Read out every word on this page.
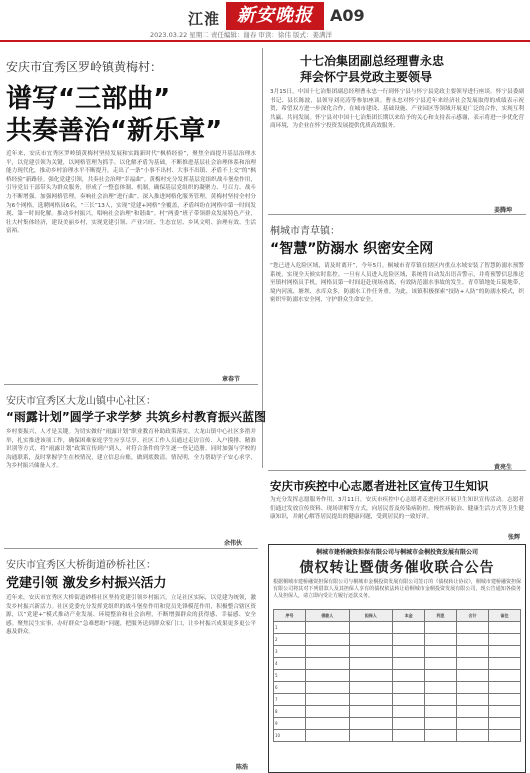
江淮 新安晚报	A09
2023.03.22 星期二 责任编辑：谢春 审读：徐伟 版式：姜满洋
安庆市宜秀区罗岭镇黄梅村：
谱写“三部曲”
共奏善治“新乐章”
近年来，安庆市宜秀区罗岭镇黄梅村坚持发展和实践新时代“枫桥经验”，聚焦全面提升基层治理水平，以党建引领为关键，以网格管理为抓手，以化解矛盾为基础，不断推进基层社会治理体系和治理能力现代化，推动乡村治理水平不断提升，走出了一条“小事不出村、大事不出镇、矛盾不上交”的“枫桥经验”新路径。强化党建引领，共奏社会治理“幸福曲”。黄梅村充分发挥基层党组织战斗堡垒作用，引导党员干部带头为群众服务，形成了一整套体制、机制，确保基层党组织的凝聚力、号召力、战斗力不断增强。加强网格管理，奏响社会治理“进行曲”。深入推进网格化服务管理，黄梅村坚持全村分为6个网格，选聘网格员6名，“三长”13人，实现“党建+网格”全覆盖，矛盾纠纷在网格中第一时间发现、第一时间化解。推动乡村振兴，唱响社会治理“和谐曲”。村“两委”班子带领群众发展特色产业，壮大村集体经济，建设美丽乡村，实现党建引领、产业兴旺、生态宜居、乡风文明、治理有效、生活富裕。
章春节
安庆市宜秀区大龙山镇中心社区：
“雨露计划”圆学子求学梦 共筑乡村教育振兴蓝图
乡村要振兴，人才是关键。为切实做好“雨露计划”职业教育补助政策落实，大龙山镇中心社区多措并举，扎实推进该项工作，确保困难家庭学生应享尽享。社区工作人员通过走访宣传、入户摸排、精准识别等方式，将“雨露计划”政策宣传到户到人，对符合条件的学生逐一登记造册。同时加强与学校的沟通联系，及时掌握学生在校情况，建立信息台账，做到底数清、情况明，全力帮助学子安心求学，为乡村振兴储备人才。
余伟伙
安庆市宜秀区大桥街道砂桥社区：
党建引领 激发乡村振兴活力
近年来，安庆市宜秀区大桥街道砂桥社区坚持党建引领乡村振兴，立足社区实际，以党建为统领，激发乡村振兴新活力。社区党委充分发挥党组织的战斗堡垒作用和党员先锋模范作用，积极整合辖区资源，以“党建+”模式推动产业发展、环境整治和社会治理，不断增强群众的获得感、幸福感、安全感。聚焦民生实事，办好群众“急难愁盼”问题，把服务送到群众家门口，让乡村振兴成果更多更公平惠及群众。
陈浩
十七冶集团副总经理曹永忠
拜会怀宁县党政主要领导
3月15日，中国十七冶集团副总经理曹永忠一行到怀宁县与怀宁县党政主要领导进行座谈。怀宁县委副书记、县长陈波，县领导刘亮涛等参加座谈。曹永忠对怀宁县近年来经济社会发展取得的成绩表示祝贺，希望双方进一步深化合作，在城市建设、基础设施、产业园区等领域开展更广泛的合作，实现互利共赢、共同发展。怀宁县对中国十七冶集团长期以来给予的关心和支持表示感谢，表示将进一步优化营商环境，为企业在怀宁投资发展提供优质高效服务。
姜腾坤
桐城市青草镇：
“智慧”防溺水 织密安全网
“您已进入危险区域，请及时离开”，今年5月，桐城市青草镇在辖区内重点水域安装了智慧防溺水预警系统，实现全天候实时监控。一旦有人员进入危险区域，系统将自动发出语音警示，并将预警信息推送至镇村网格员手机，网格员第一时间赶赴现场劝离，有效防范溺水事故的发生。青草镇地处丘陵地带，境内河流、塘坝、水库众多，防溺水工作任务重。为此，该镇积极探索“技防+人防”的防溺水模式，织密织牢防溺水安全网，守护群众生命安全。
黄亮生
安庆市疾控中心志愿者进社区宣传卫生知识
为充分发挥志愿服务作用，3月11日，安庆市疾控中心志愿者走进社区开展卫生知识宣传活动。志愿者们通过发放宣传资料、现场讲解等方式，向居民普及传染病防控、慢性病防治、健康生活方式等卫生健康知识，并耐心解答居民提出的健康问题，受到居民的一致好评。
张辉
桐城市建桥融资担保有限公司与桐城市金桐投资发展有限公司
债权转让暨债务催收联合公告
根据桐城市建桥融资担保有限公司与桐城市金桐投资发展有限公司签订的《债权转让协议》，桐城市建桥融资担保有限公司将其对下列借款人及其担保人享有的债权依法转让给桐城市金桐投资发展有限公司，现公告通知各债务人及担保人，请立即向受让方履行还款义务。
序号	借款人	担保人	本金	利息	合计	备注
1						
2						
3						
4						
5						
6						
7						
8						
9						
10						
